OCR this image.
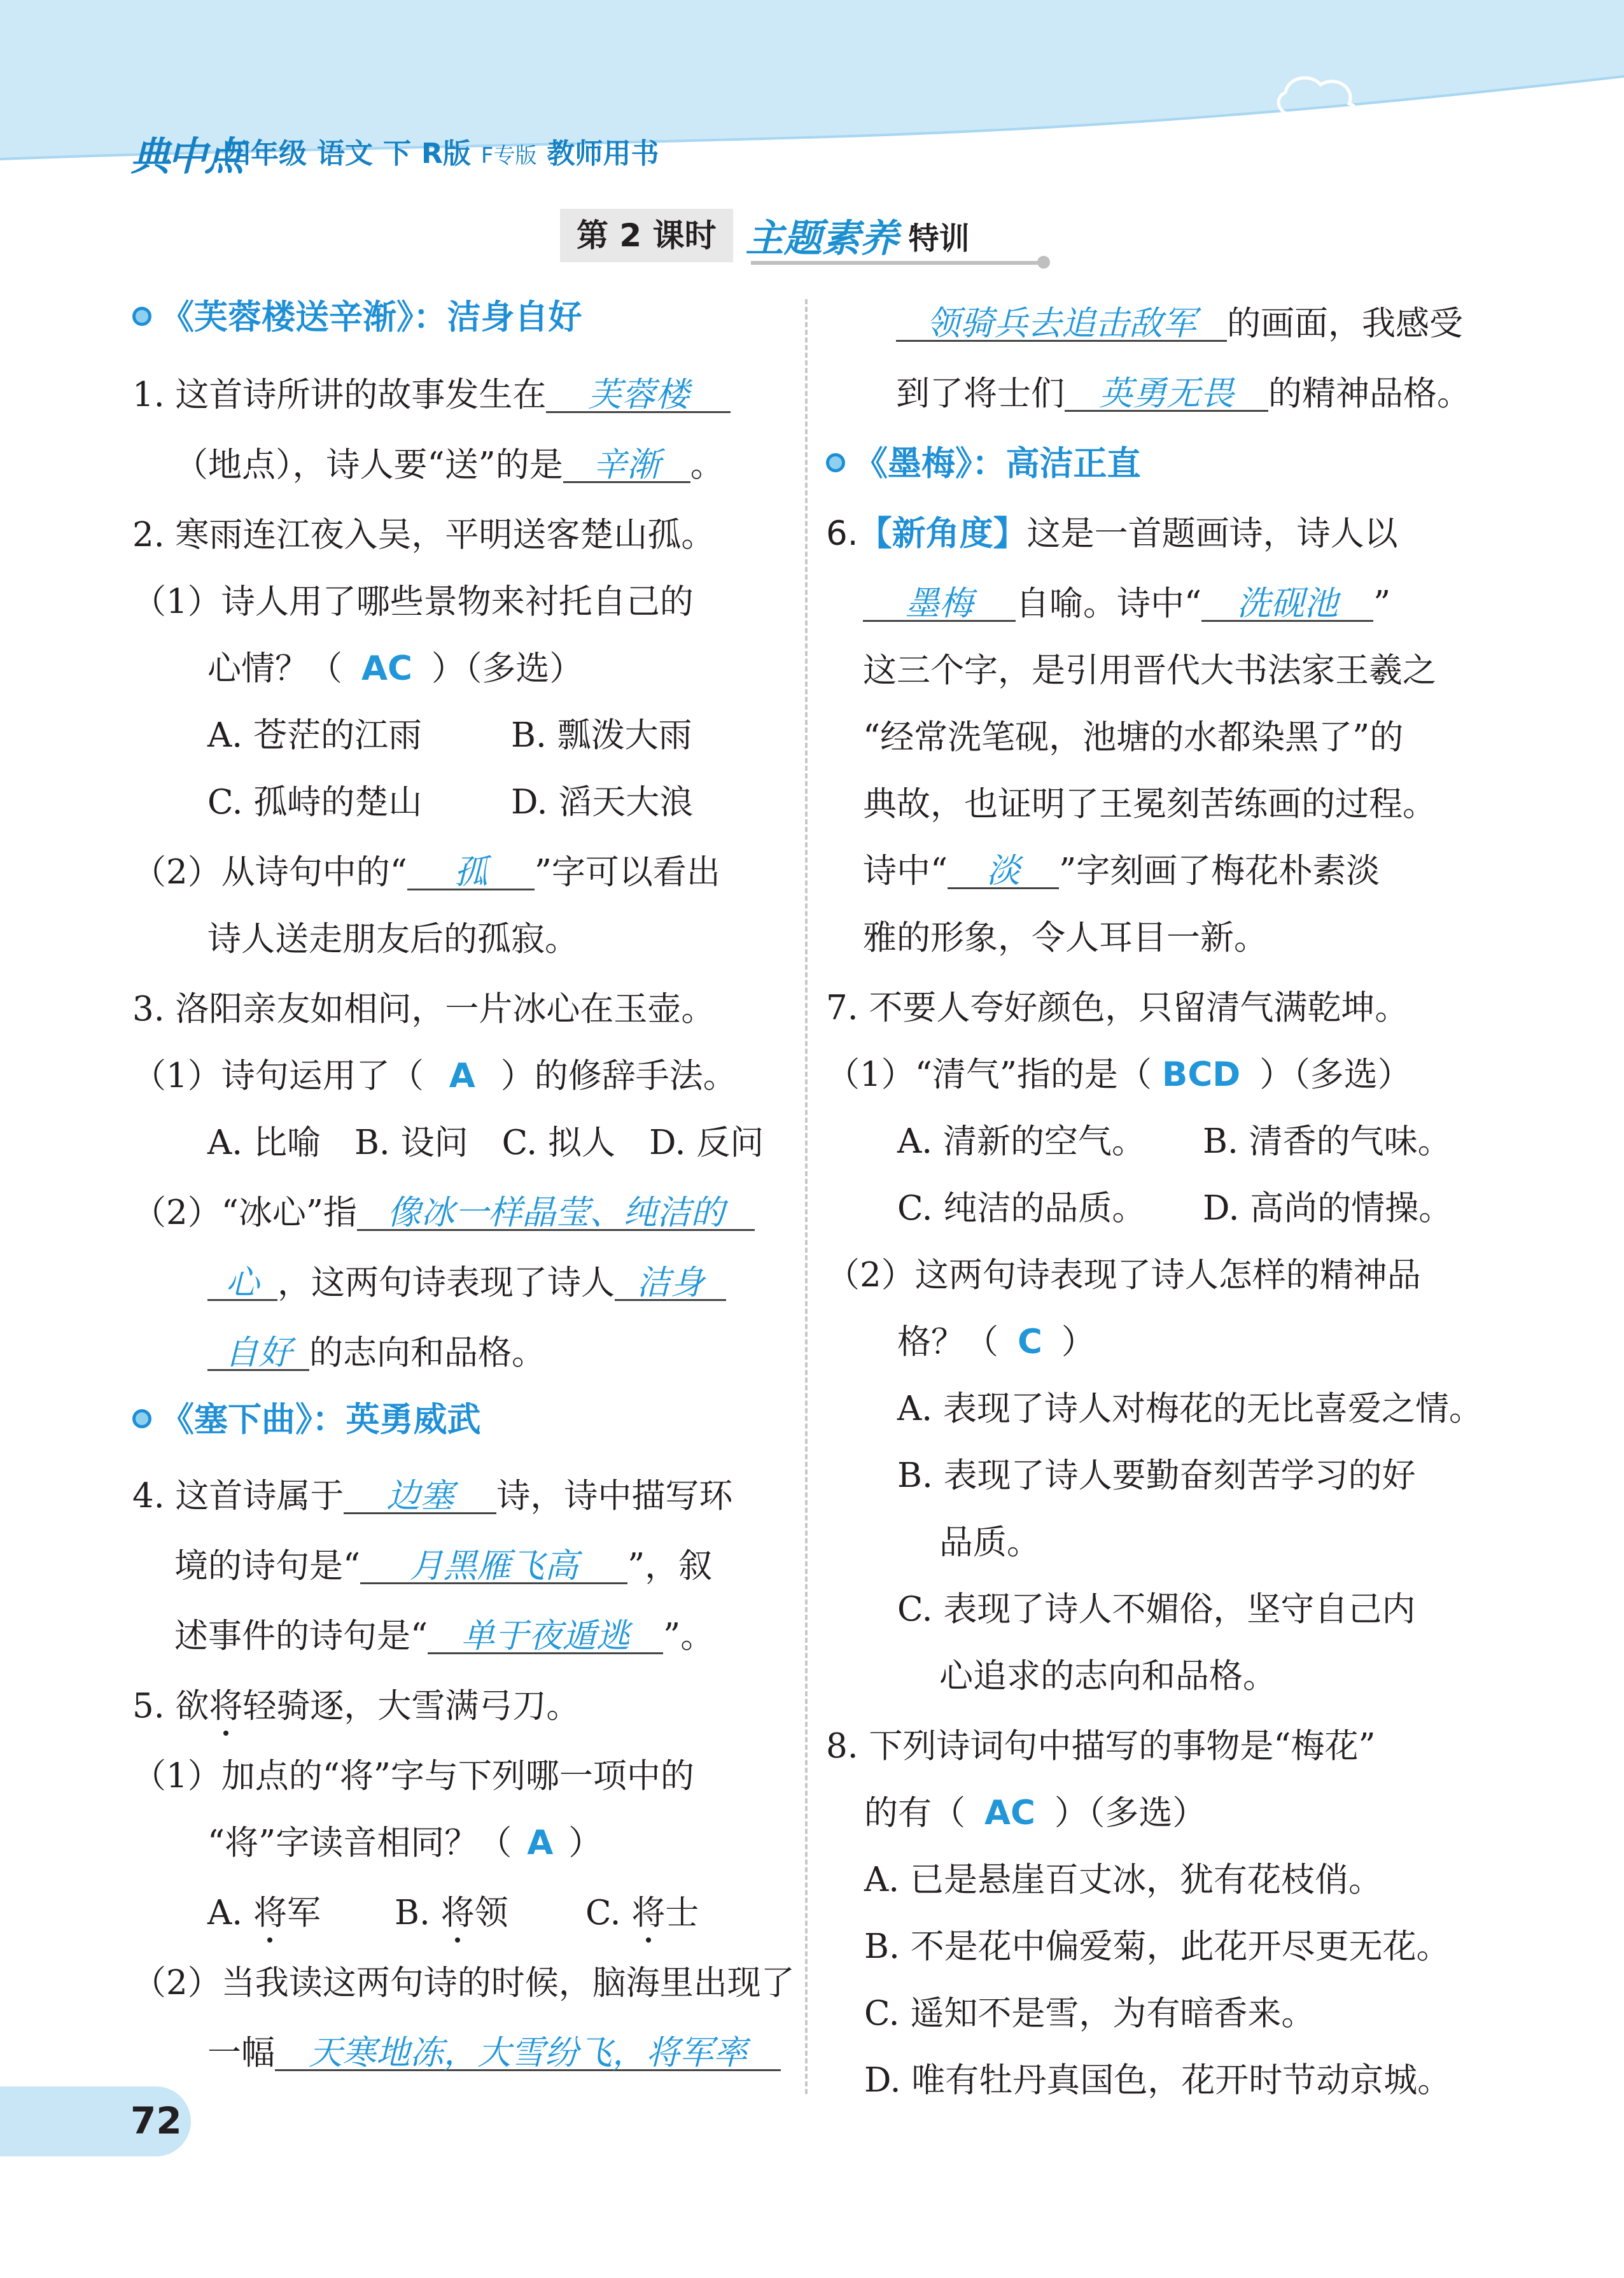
典中点
四年级 语文 下 R版 F专版 教师用书
第 2 课时 主题素养 特训
《芙蓉楼送辛渐》：洁身自好
1. 这首诗所讲的故事发生在 芙蓉楼
（地点），诗人要“送”的是 辛渐 。
2. 寒雨连江夜入吴，平明送客楚山孤。
（1）诗人用了哪些景物来衬托自己的
心情？（ AC ）（多选）
A. 苍茫的江雨	B. 瓢泼大雨
C. 孤峙的楚山	D. 滔天大浪
（2）从诗句中的“ 孤 ”字可以看出
诗人送走朋友后的孤寂。
3. 洛阳亲友如相问，一片冰心在玉壶。
（1）诗句运用了（ A ）的修辞手法。
A. 比喻　B. 设问　C. 拟人　D. 反问
（2）“冰心”指 像冰一样晶莹、纯洁的
心 ，这两句诗表现了诗人 洁身
自好 的志向和品格。
《塞下曲》：英勇威武
4. 这首诗属于 边塞 诗，诗中描写环
境的诗句是“ 月黑雁飞高 ”，叙
述事件的诗句是“ 单于夜遁逃 ”。
5. 欲将轻骑逐，大雪满弓刀。
（1）加点的“将”字与下列哪一项中的
“将”字读音相同？（ A ）
A. 将军 B. 将领 C. 将士
（2）当我读这两句诗的时候，脑海里出现了
一幅 天寒地冻，大雪纷飞，将军率
领骑兵去追击敌军 的画面，我感受
到了将士们 英勇无畏 的精神品格。
《墨梅》：高洁正直
6.【新角度】这是一首题画诗，诗人以
墨梅 自喻。诗中“ 洗砚池 ”
这三个字，是引用晋代大书法家王羲之
“经常洗笔砚，池塘的水都染黑了”的
典故，也证明了王冕刻苦练画的过程。
诗中“ 淡 ”字刻画了梅花朴素淡
雅的形象，令人耳目一新。
7. 不要人夸好颜色，只留清气满乾坤。
（1）“清气”指的是（ BCD ）（多选）
A. 清新的空气。 B. 清香的气味。
C. 纯洁的品质。 D. 高尚的情操。
（2）这两句诗表现了诗人怎样的精神品
格？（ C ）
A. 表现了诗人对梅花的无比喜爱之情。
B. 表现了诗人要勤奋刻苦学习的好
品质。
C. 表现了诗人不媚俗，坚守自己内
心追求的志向和品格。
8. 下列诗词句中描写的事物是“梅花”
的有（ AC ）（多选）
A. 已是悬崖百丈冰，犹有花枝俏。
B. 不是花中偏爱菊，此花开尽更无花。
C. 遥知不是雪，为有暗香来。
D. 唯有牡丹真国色，花开时节动京城。
72
